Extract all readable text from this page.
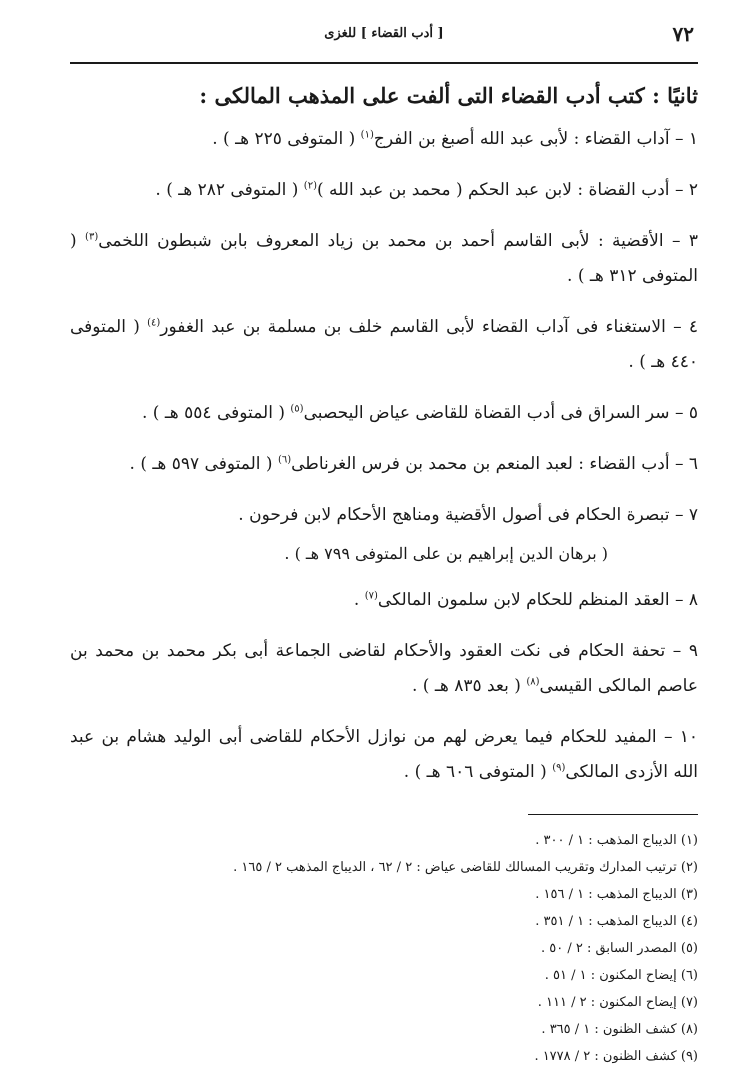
٧٢
[ أدب القضاء ] للغزى
ثانيًا : كتب أدب القضاء التى ألفت على المذهب المالكى :
١ – آداب القضاء : لأبى عبد الله أصبغ بن الفرج$^{(١)}$ ( المتوفى ٢٢٥ هـ ) .
٢ – أدب القضاة : لابن عبد الحكم ( محمد بن عبد الله )$^{(٢)}$ ( المتوفى ٢٨٢ هـ ) .
٣ – الأقضية : لأبى القاسم أحمد بن محمد بن زياد المعروف بابن شبطون اللخمى$^{(٣)}$ ( المتوفى ٣١٢ هـ ) .
٤ – الاستغناء فى آداب القضاء لأبى القاسم خلف بن مسلمة بن عبد الغفور$^{(٤)}$ ( المتوفى ٤٤٠ هـ ) .
٥ – سر السراق فى أدب القضاة للقاضى عياض اليحصبى$^{(٥)}$ ( المتوفى ٥٥٤ هـ ) .
٦ – أدب القضاء : لعبد المنعم بن محمد بن فرس الغرناطى$^{(٦)}$ ( المتوفى ٥٩٧ هـ ) .
٧ – تبصرة الحكام فى أصول الأقضية ومناهج الأحكام لابن فرحون .
( برهان الدين إبراهيم بن على المتوفى ٧٩٩ هـ ) .
٨ – العقد المنظم للحكام لابن سلمون المالكى$^{(٧)}$ .
٩ – تحفة الحكام فى نكت العقود والأحكام لقاضى الجماعة أبى بكر محمد بن محمد بن عاصم المالكى القيسى$^{(٨)}$ ( بعد ٨٣٥ هـ ) .
١٠ – المفيد للحكام فيما يعرض لهم من نوازل الأحكام للقاضى أبى الوليد هشام بن عبد الله الأزدى المالكى$^{(٩)}$ ( المتوفى ٦٠٦ هـ ) .
(١) الديباج المذهب : ١ / ٣٠٠ .
(٢) ترتيب المدارك وتقريب المسالك للقاضى عياض : ٢ / ٦٢ ، الديباج المذهب ٢ / ١٦٥ .
(٣) الديباج المذهب : ١ / ١٥٦ .
(٤) الديباج المذهب : ١ / ٣٥١ .
(٥) المصدر السابق : ٢ / ٥٠ .
(٦) إيضاح المكنون : ١ / ٥١ .
(٧) إيضاح المكنون : ٢ / ١١١ .
(٨) كشف الظنون : ١ / ٣٦٥ .
(٩) كشف الظنون : ٢ / ١٧٧٨ .
